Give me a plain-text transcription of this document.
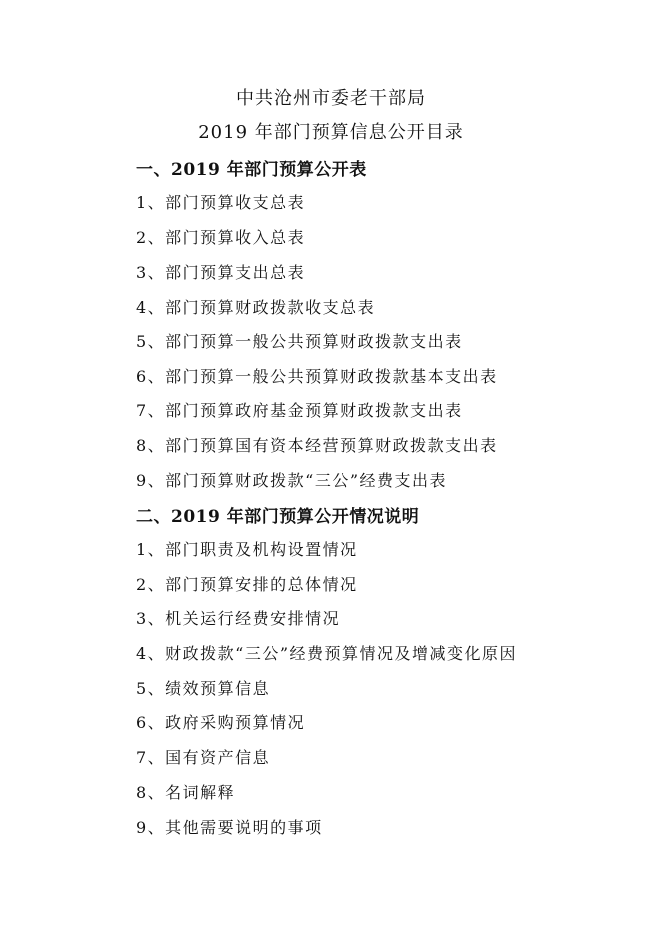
中共沧州市委老干部局
2019 年部门预算信息公开目录
一、2019 年部门预算公开表
1、部门预算收支总表
2、部门预算收入总表
3、部门预算支出总表
4、部门预算财政拨款收支总表
5、部门预算一般公共预算财政拨款支出表
6、部门预算一般公共预算财政拨款基本支出表
7、部门预算政府基金预算财政拨款支出表
8、部门预算国有资本经营预算财政拨款支出表
9、部门预算财政拨款“三公”经费支出表
二、2019 年部门预算公开情况说明
1、部门职责及机构设置情况
2、部门预算安排的总体情况
3、机关运行经费安排情况
4、财政拨款“三公”经费预算情况及增减变化原因
5、绩效预算信息
6、政府采购预算情况
7、国有资产信息
8、名词解释
9、其他需要说明的事项
